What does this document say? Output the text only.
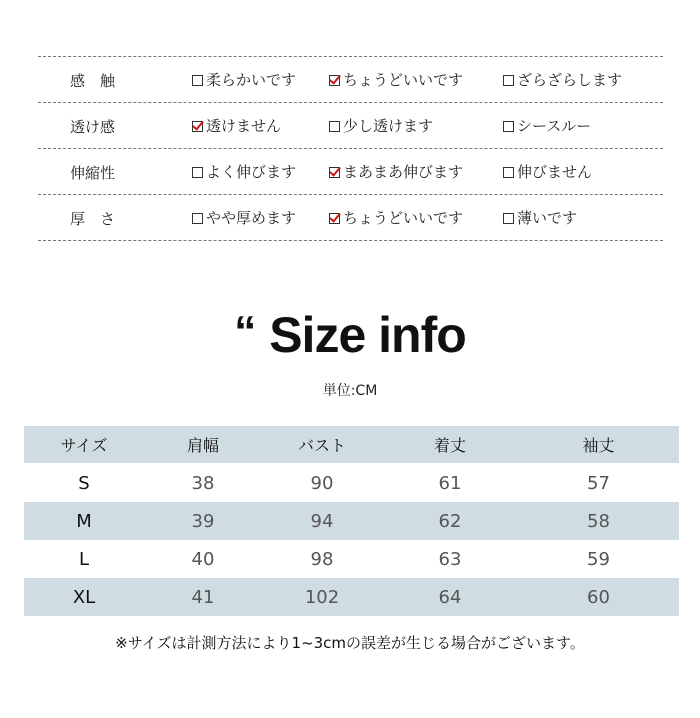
感　触	柔らかいです	ちょうどいいです	ざらざらします
透け感	透けません	少し透けます	シースルー
伸縮性	よく伸びます	まあまあ伸びます	伸びません
厚　さ	やや厚めます	ちょうどいいです	薄いです
“ Size info
単位:CM
サイズ	肩幅	バスト	着丈	袖丈
S	38	90	61	57
M	39	94	62	58
L	40	98	63	59
XL	41	102	64	60
※サイズは計測方法により1~3cmの誤差が生じる場合がございます。
